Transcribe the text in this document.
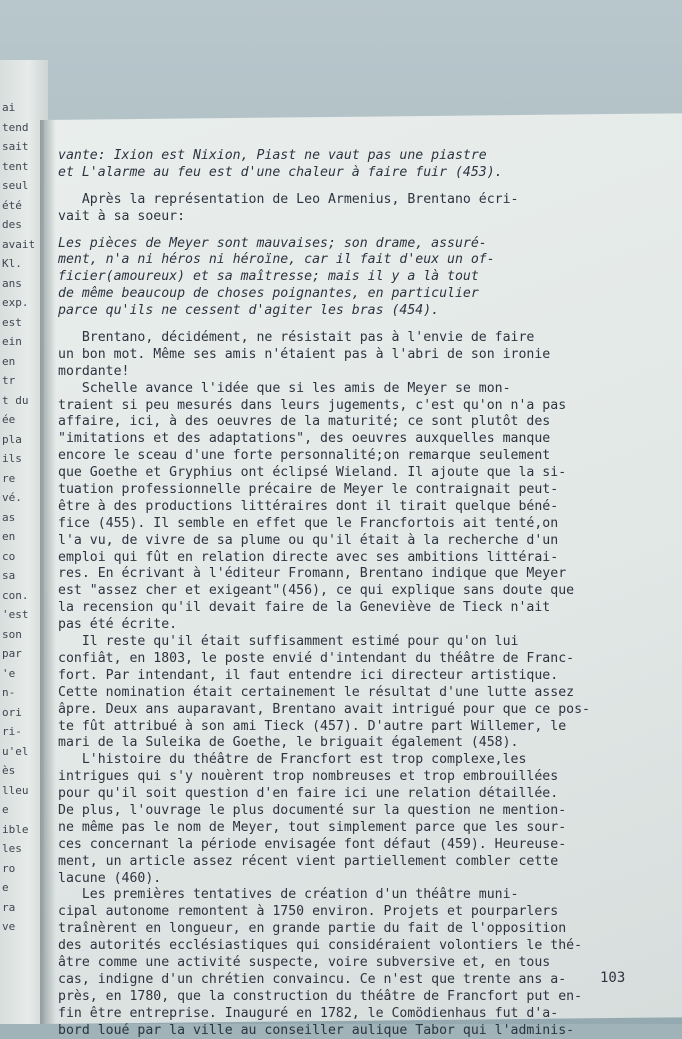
ai
tend
sait
tent
seul
été
des
avait
Kl.
ans
exp.
est
ein
en
tr
t du
ée
pla
ils
re
vé.
as
en
co
sa
con.
'est
son
par
'e
n-
ori
ri-
u'el
ès
lleu
e
ible
les
ro
e
ra
ve
vante: Ixion est Nixion, Piast ne vaut pas une piastre
et L'alarme au feu est d'une chaleur à faire fuir (453).
Après la représentation de Leo Armenius, Brentano écri-
vait à sa soeur:
Les pièces de Meyer sont mauvaises; son drame, assuré-
ment, n'a ni héros ni héroïne, car il fait d'eux un of-
ficier(amoureux) et sa maîtresse; mais il y a là tout
de même beaucoup de choses poignantes, en particulier
parce qu'ils ne cessent d'agiter les bras (454).
Brentano, décidément, ne résistait pas à l'envie de faire
un bon mot. Même ses amis n'étaient pas à l'abri de son ironie
mordante!
Schelle avance l'idée que si les amis de Meyer se mon-
traient si peu mesurés dans leurs jugements, c'est qu'on n'a pas
affaire, ici, à des oeuvres de la maturité; ce sont plutôt des
"imitations et des adaptations", des oeuvres auxquelles manque
encore le sceau d'une forte personnalité;on remarque seulement
que Goethe et Gryphius ont éclipsé Wieland. Il ajoute que la si-
tuation professionnelle précaire de Meyer le contraignait peut-
être à des productions littéraires dont il tirait quelque béné-
fice (455). Il semble en effet que le Francfortois ait tenté,on
l'a vu, de vivre de sa plume ou qu'il était à la recherche d'un
emploi qui fût en relation directe avec ses ambitions littérai-
res. En écrivant à l'éditeur Fromann, Brentano indique que Meyer
est "assez cher et exigeant"(456), ce qui explique sans doute que
la recension qu'il devait faire de la Geneviève de Tieck n'ait
pas été écrite.
Il reste qu'il était suffisamment estimé pour qu'on lui
confiât, en 1803, le poste envié d'intendant du théâtre de Franc-
fort. Par intendant, il faut entendre ici directeur artistique.
Cette nomination était certainement le résultat d'une lutte assez
âpre. Deux ans auparavant, Brentano avait intrigué pour que ce pos-
te fût attribué à son ami Tieck (457). D'autre part Willemer, le
mari de la Suleika de Goethe, le briguait également (458).
L'histoire du théâtre de Francfort est trop complexe,les
intrigues qui s'y nouèrent trop nombreuses et trop embrouillées
pour qu'il soit question d'en faire ici une relation détaillée.
De plus, l'ouvrage le plus documenté sur la question ne mention-
ne même pas le nom de Meyer, tout simplement parce que les sour-
ces concernant la période envisagée font défaut (459). Heureuse-
ment, un article assez récent vient partiellement combler cette
lacune (460).
Les premières tentatives de création d'un théâtre muni-
cipal autonome remontent à 1750 environ. Projets et pourparlers
traînèrent en longueur, en grande partie du fait de l'opposition
des autorités ecclésiastiques qui considéraient volontiers le thé-
âtre comme une activité suspecte, voire subversive et, en tous
cas, indigne d'un chrétien convaincu. Ce n'est que trente ans a-
près, en 1780, que la construction du théâtre de Francfort put en-
fin être entreprise. Inauguré en 1782, le Comödienhaus fut d'a-
bord loué par la ville au conseiller aulique Tabor qui l'adminis-
103
